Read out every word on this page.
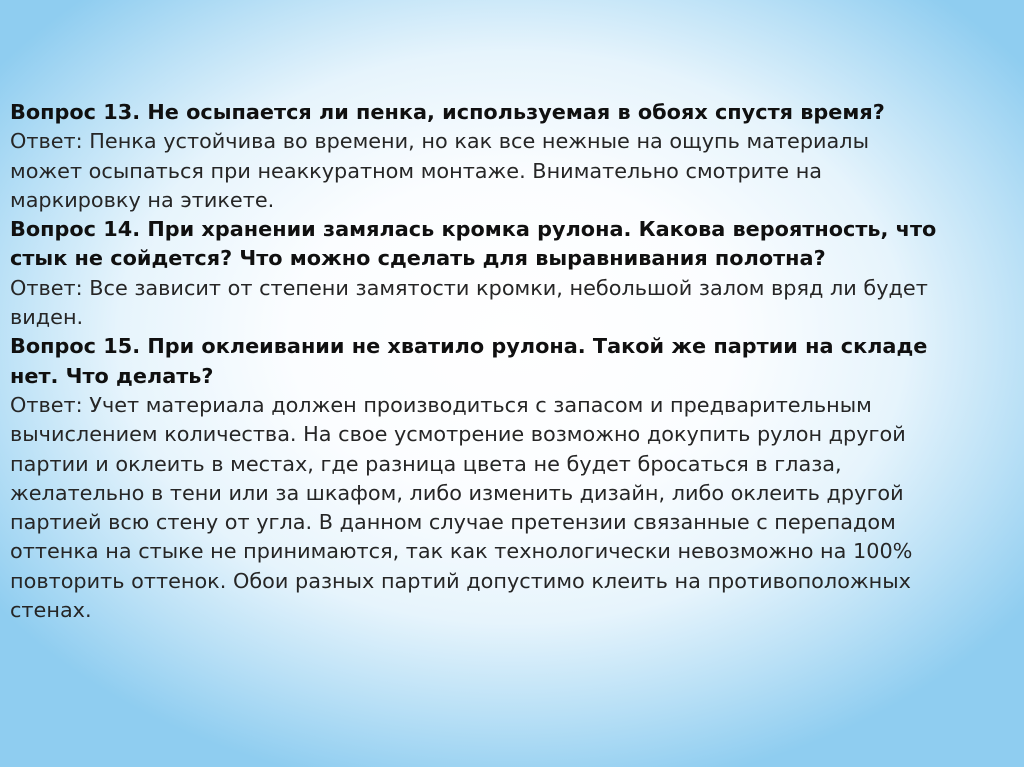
Вопрос 13. Не осыпается ли пенка, используемая в обоях спустя время?
Ответ: Пенка устойчива во времени, но как все нежные на ощупь материалы
может осыпаться при неаккуратном монтаже. Внимательно смотрите на
маркировку на этикете.
Вопрос 14. При хранении замялась кромка рулона. Какова вероятность, что
стык не сойдется? Что можно сделать для выравнивания полотна?
Ответ: Все зависит от степени замятости кромки, небольшой залом вряд ли будет
виден.
Вопрос 15. При оклеивании не хватило рулона. Такой же партии на складе
нет. Что делать?
Ответ: Учет материала должен производиться с запасом и предварительным
вычислением количества. На свое усмотрение возможно докупить рулон другой
партии и оклеить в местах, где разница цвета не будет бросаться в глаза,
желательно в тени или за шкафом, либо изменить дизайн, либо оклеить другой
партией всю стену от угла. В данном случае претензии связанные с перепадом
оттенка на стыке не принимаются, так как технологически невозможно на 100%
повторить оттенок. Обои разных партий допустимо клеить на противоположных
стенах.
